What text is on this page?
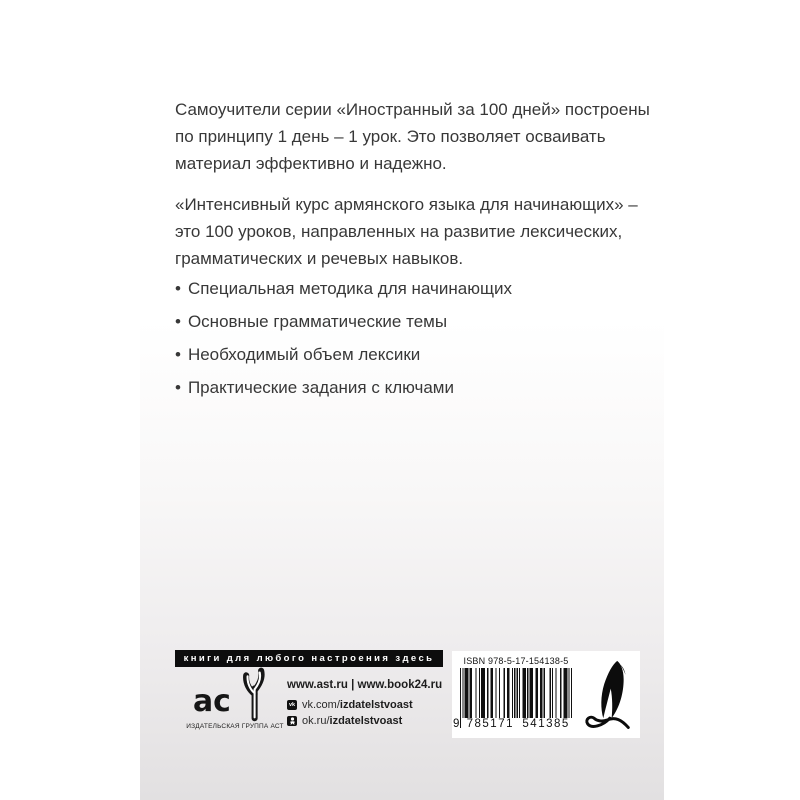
Самоучители серии «Иностранный за 100 дней» построены
по принципу 1 день – 1 урок. Это позволяет осваивать
материал эффективно и надежно.
«Интенсивный курс армянского языка для начинающих» –
это 100 уроков, направленных на развитие лексических,
грамматических и речевых навыков.
• Специальная методика для начинающих
• Основные грамматические темы
• Необходимый объем лексики
• Практические задания с ключами
книги для любого настроения здесь
ас
ИЗДАТЕЛЬСКАЯ ГРУППА АСТ
www.ast.ru | www.book24.ru
vk vk.com/ izdatelstvoast
ok.ru/ izdatelstvoast
ISBN 978-5-17-154138-5
9 785171 541385
